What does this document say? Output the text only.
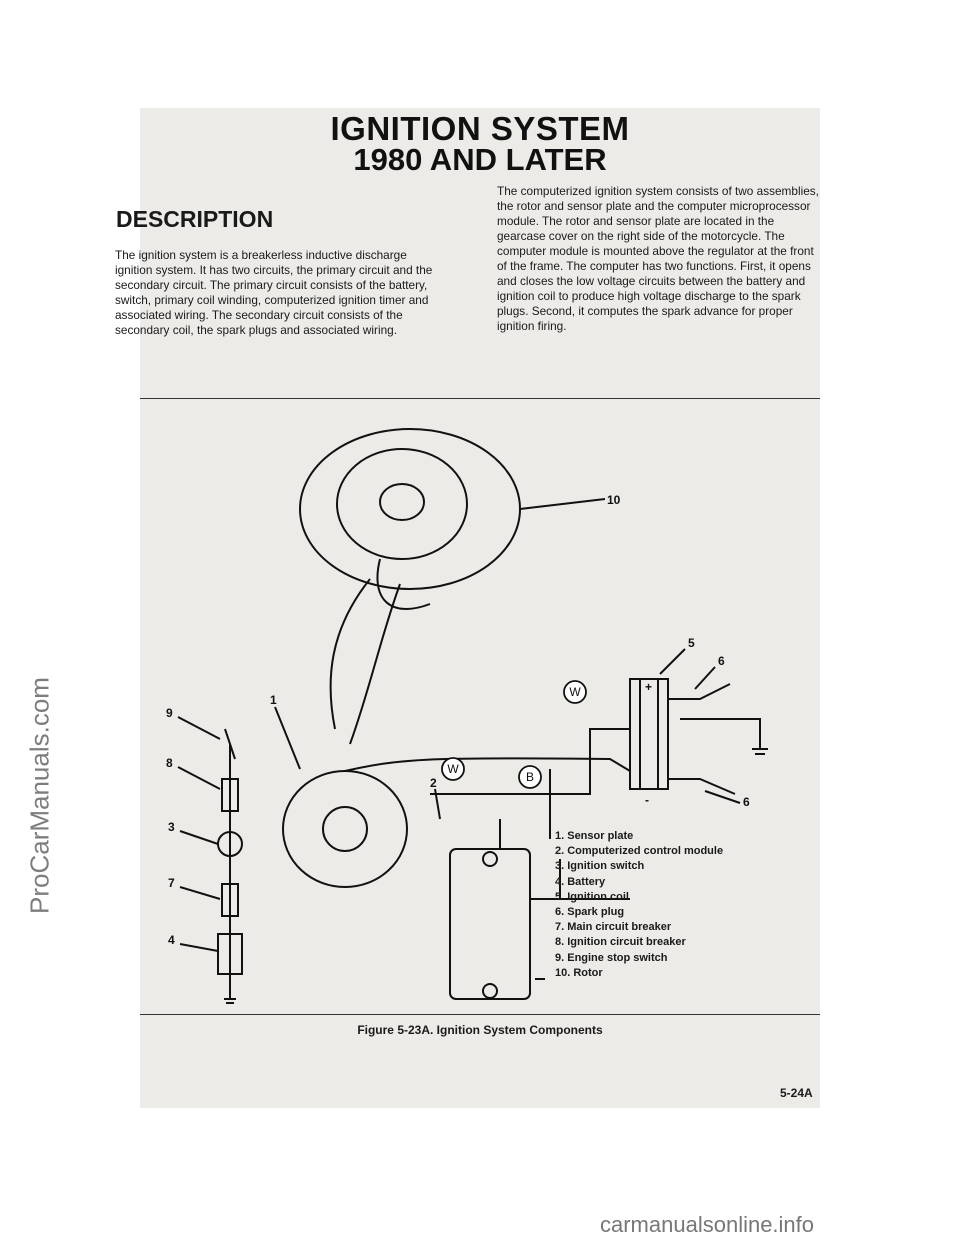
ProCarManuals.com
IGNITION SYSTEM
1980 AND LATER
DESCRIPTION
The ignition system is a breakerless inductive discharge ignition system. It has two circuits, the primary circuit and the secondary circuit. The primary circuit consists of the battery, switch, primary coil winding, computerized ignition timer and associated wiring. The secondary circuit consists of the secondary coil, the spark plugs and associated wiring.
The computerized ignition system consists of two assemblies, the rotor and sensor plate and the computer microprocessor module. The rotor and sensor plate are located in the gearcase cover on the right side of the motorcycle. The computer module is mounted above the regulator at the front of the frame. The computer has two functions. First, it opens and closes the low voltage circuits between the battery and ignition coil to produce high voltage discharge to the spark plugs. Second, it computes the spark advance for proper ignition firing.
W
W
B
+
-
10
5
6
6
9
8
2
3
7
4
1
1. Sensor plate
2. Computerized control module
3. Ignition switch
4. Battery
5. Ignition coil
6. Spark plug
7. Main circuit breaker
8. Ignition circuit breaker
9. Engine stop switch
10. Rotor
Figure 5-23A. Ignition System Components
5-24A
carmanualsonline.info
